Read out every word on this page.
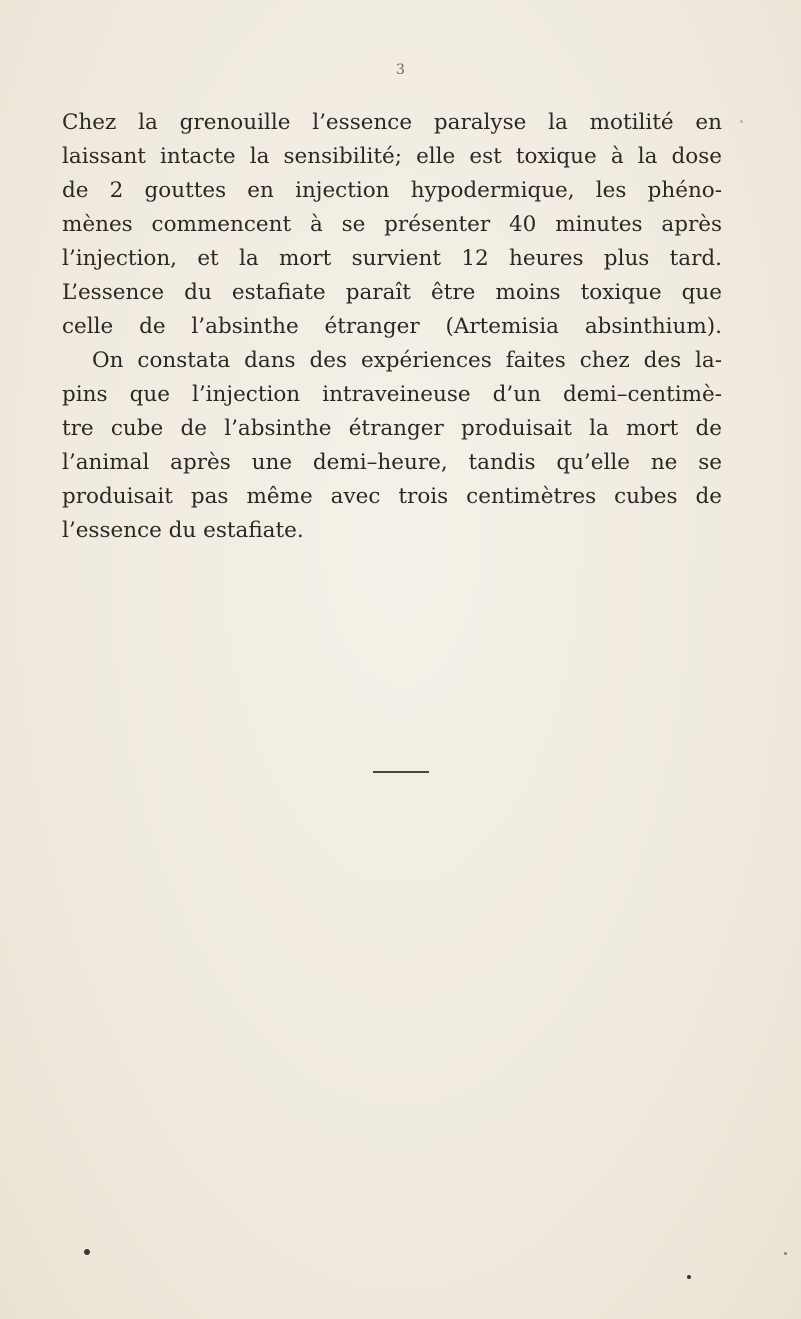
3
Chez la grenouille l’essence paralyse la motilité en
laissant intacte la sensibilité; elle est toxique à la dose
de 2 gouttes en injection hypodermique, les phéno-
mènes commencent à se présenter 40 minutes après
l’injection, et la mort survient 12 heures plus tard.
L’essence du estafiate paraît être moins toxique que
celle de l’absinthe étranger (Artemisia absinthium).
On constata dans des expériences faites chez des la-
pins que l’injection intraveineuse d’un demi–centimè-
tre cube de l’absinthe étranger produisait la mort de
l’animal après une demi–heure, tandis qu’elle ne se
produisait pas même avec trois centimètres cubes de
l’essence du estafiate.
